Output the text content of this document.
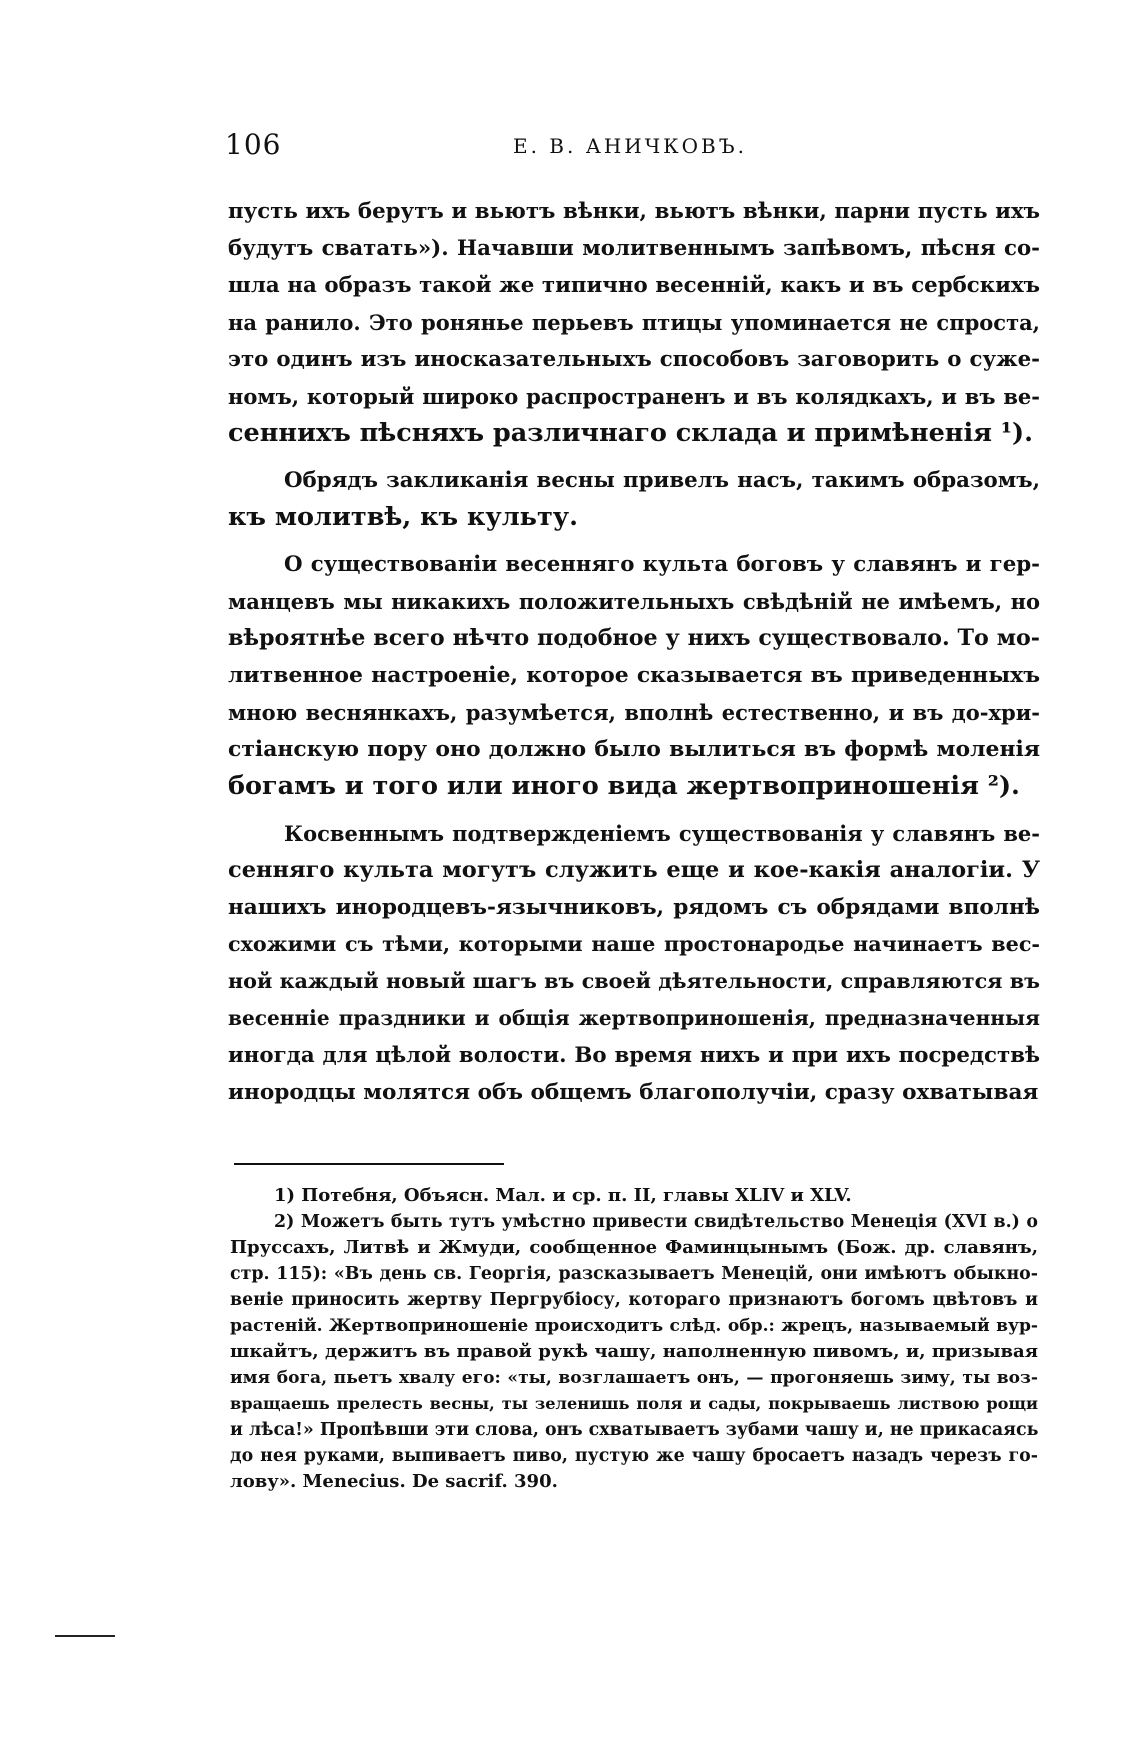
106	Е. В. АНИЧКОВЪ.
пусть ихъ берутъ и вьютъ вѣнки, вьютъ вѣнки, парни пусть ихъ
будутъ сватать»). Начавши молитвеннымъ запѣвомъ, пѣсня со-
шла на образъ такой же типично весенній, какъ и въ сербскихъ
на ранило. Это роняньe перьевъ птицы упоминается не спроста,
это одинъ изъ иносказательныхъ способовъ заговорить о суже-
номъ, который широко распространенъ и въ колядкахъ, и въ ве-
сеннихъ пѣсняхъ различнаго склада и примѣненія ¹).
Обрядъ закликанія весны привелъ насъ, такимъ образомъ,
къ молитвѣ, къ культу.
О существованіи весенняго культа боговъ у славянъ и гер-
манцевъ мы никакихъ положительныхъ свѣдѣній не имѣемъ, но
вѣроятнѣе всего нѣчто подобное у нихъ существовало. То мо-
литвенное настроеніе, которое сказывается въ приведенныхъ
мною веснянкахъ, разумѣется, вполнѣ естественно, и въ до-хри-
стіанскую пору оно должно было вылиться въ формѣ моленія
богамъ и того или иного вида жертвоприношенія ²).
Косвеннымъ подтвержденіемъ существованія у славянъ ве-
сенняго культа могутъ служить еще и кое-какія аналогіи. У
нашихъ инородцевъ-язычниковъ, рядомъ съ обрядами вполнѣ
схожими съ тѣми, которыми наше простонародье начинаетъ вес-
ной каждый новый шагъ въ своей дѣятельности, справляются въ
весенніе праздники и общія жертвоприношенія, предназначенныя
иногда для цѣлой волости. Во время нихъ и при ихъ посредствѣ
инородцы молятся объ общемъ благополучіи, сразу охватывая
1) Потебня, Объясн. Мал. и ср. п. II, главы XLIV и XLV.
2) Можетъ быть тутъ умѣстно привести свидѣтельство Менеція (XVI в.) о
Пруссахъ, Литвѣ и Жмуди, сообщенное Фаминцынымъ (Бож. др. славянъ,
стр. 115): «Въ день св. Георгія, разсказываетъ Менецій, они имѣютъ обыкно-
веніе приносить жертву Пергрубіосу, котораго признаютъ богомъ цвѣтовъ и
растеній. Жертвоприношеніе происходитъ слѣд. обр.: жрецъ, называемый вур-
шкайтъ, держитъ въ правой рукѣ чашу, наполненную пивомъ, и, призывая
имя бога, пьетъ хвалу его: «ты, возглашаетъ онъ, — прогоняешь зиму, ты воз-
вращаешь прелесть весны, ты зеленишь поля и сады, покрываешь листвою рощи
и лѣса!» Пропѣвши эти слова, онъ схватываетъ зубами чашу и, не прикасаясь
до нея руками, выпиваетъ пиво, пустую же чашу бросаетъ назадъ черезъ го-
лову». Menecius. De sacrif. 390.
